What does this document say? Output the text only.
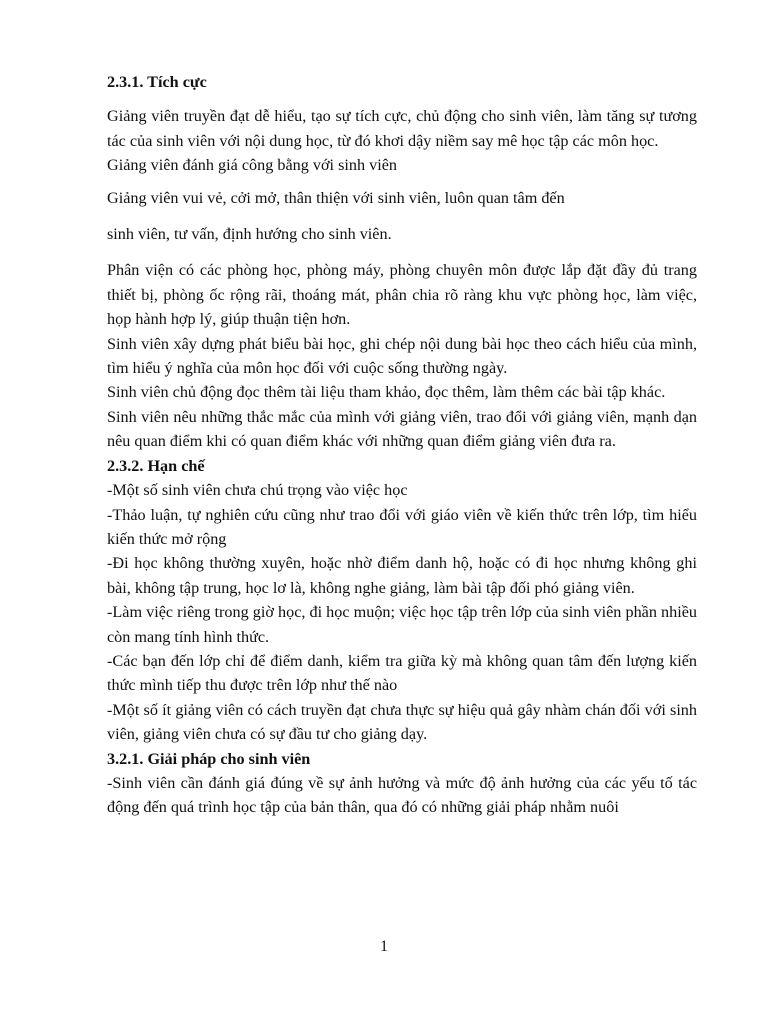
2.3.1. Tích cực

Giảng viên truyền đạt dễ hiểu, tạo sự tích cực, chủ động cho sinh viên, làm tăng sự tương tác của sinh viên với nội dung học, từ đó khơi dậy niềm say mê học tập các môn học.

Giảng viên đánh giá công bằng với sinh viên

Giảng viên vui vẻ, cởi mở, thân thiện với sinh viên, luôn quan tâm đến

sinh viên, tư vấn, định hướng cho sinh viên.

Phân viện có các phòng học, phòng máy, phòng chuyên môn được lắp đặt đầy đủ trang thiết bị, phòng ốc rộng rãi, thoáng mát, phân chia rõ ràng khu vực phòng học, làm việc, họp hành hợp lý, giúp thuận tiện hơn.

Sinh viên xây dựng phát biểu bài học, ghi chép nội dung bài học theo cách hiểu của mình, tìm hiểu ý nghĩa của môn học đối với cuộc sống thường ngày.

Sinh viên chủ động đọc thêm tài liệu tham khảo, đọc thêm, làm thêm các bài tập khác.

Sinh viên nêu những thắc mắc của mình với giảng viên, trao đổi với giảng viên, mạnh dạn nêu quan điểm khi có quan điểm khác với những quan điểm giảng viên đưa ra.

2.3.2. Hạn chế

-Một số sinh viên chưa chú trọng vào việc học

-Thảo luận, tự nghiên cứu cũng như trao đổi với giáo viên về kiến thức trên lớp, tìm hiểu kiến thức mở rộng

-Đi học không thường xuyên, hoặc nhờ điểm danh hộ, hoặc có đi học nhưng không ghi bài, không tập trung, học lơ là, không nghe giảng, làm bài tập đối phó giảng viên.

-Làm việc riêng trong giờ học, đi học muộn; việc học tập trên lớp của sinh viên phần nhiều còn mang tính hình thức.

-Các bạn đến lớp chỉ để điểm danh, kiểm tra giữa kỳ mà không quan tâm đến lượng kiến thức mình tiếp thu được trên lớp như thế nào

-Một số ít giảng viên có cách truyền đạt chưa thực sự hiệu quả gây nhàm chán đối với sinh viên, giảng viên chưa có sự đầu tư cho giảng dạy.

3.2.1. Giải pháp cho sinh viên

-Sinh viên cần đánh giá đúng về sự ảnh hưởng và mức độ ảnh hưởng của các yếu tố tác động đến quá trình học tập của bản thân, qua đó có những giải pháp nhằm nuôi

1
